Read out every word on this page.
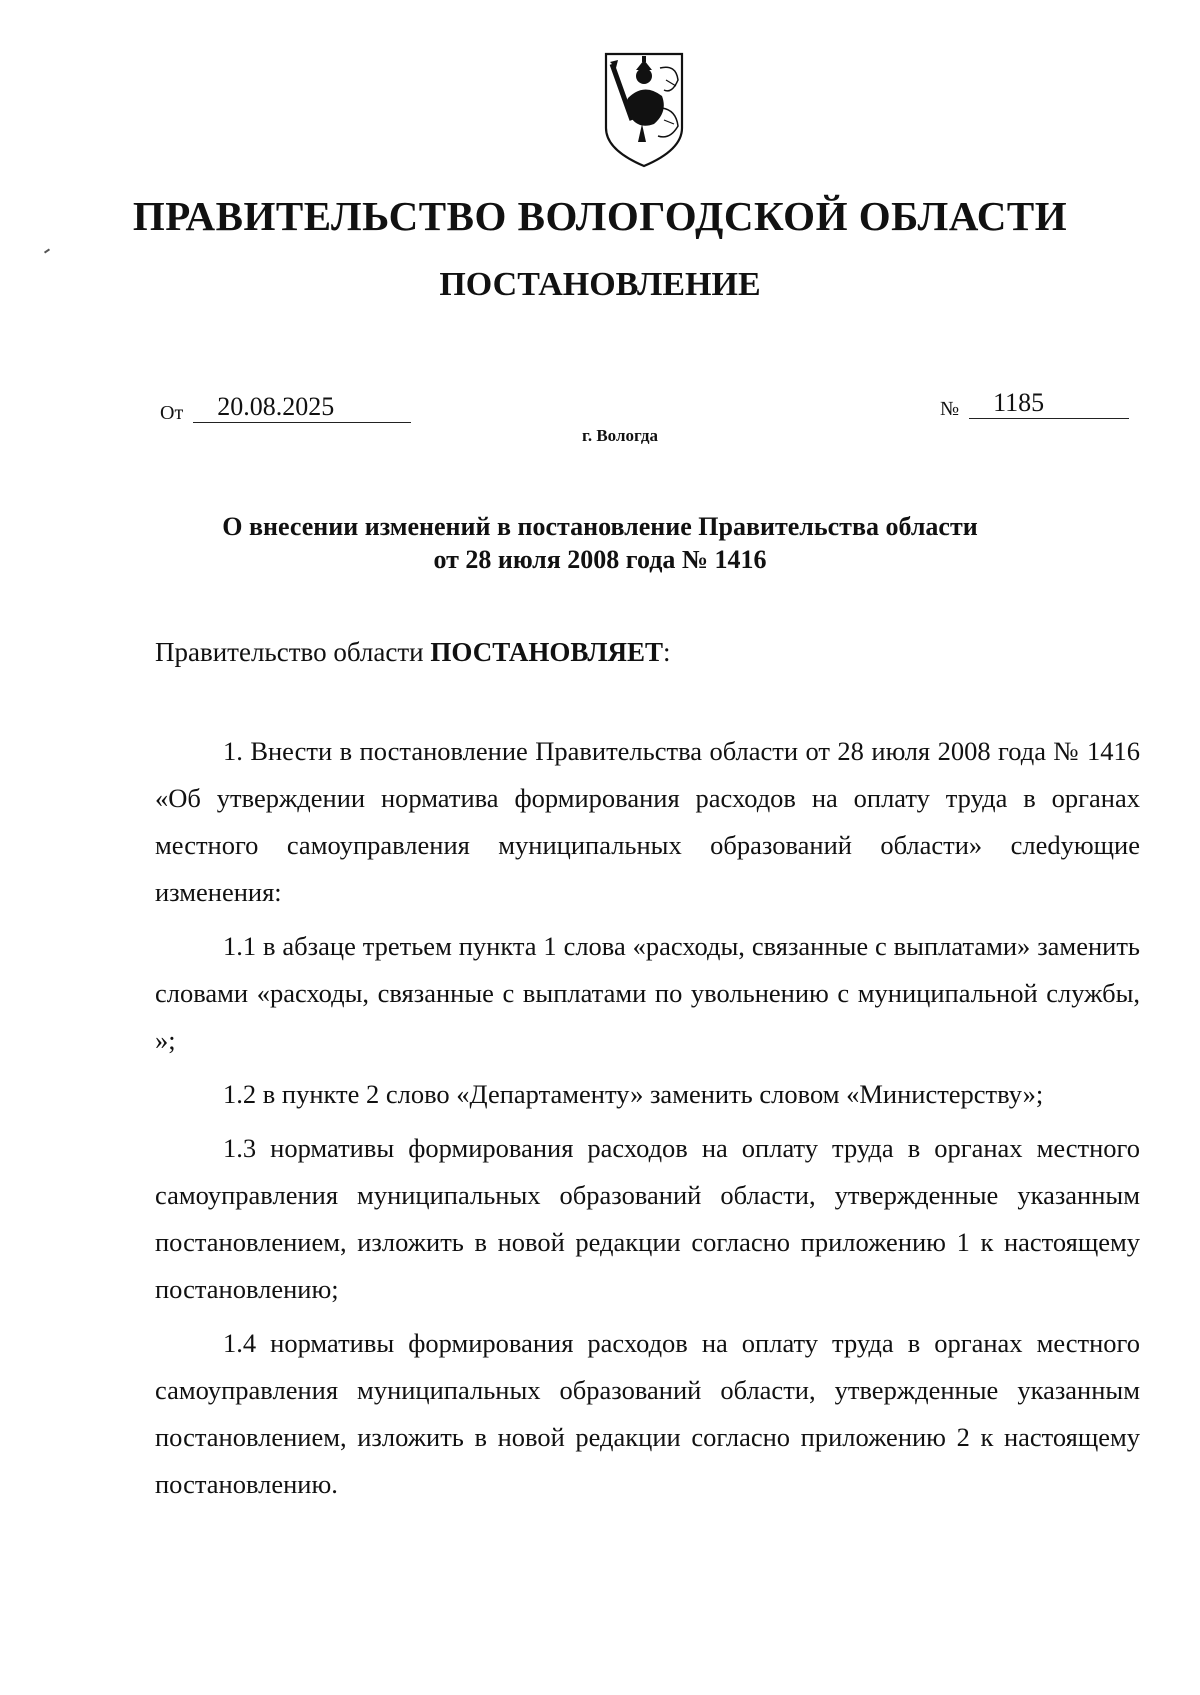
ПРАВИТЕЛЬСТВО ВОЛОГОДСКОЙ ОБЛАСТИ
ПОСТАНОВЛЕНИЕ
От	20.08.2025	№	1185
г. Вологда
О внесении изменений в постановление Правительства области
от 28 июля 2008 года № 1416
Правительство области ПОСТАНОВЛЯЕТ:

1. Внести в постановление Правительства области от 28 июля 2008 года № 1416 «Об утверждении норматива формирования расходов на оплату труда в органах местного самоуправления муниципальных образований области» слеdующие изменения:

1.1 в абзаце третьем пункта 1 слова «расходы, связанные с выплатами» заменить словами «расходы, связанные с выплатами по увольнению с муниципальной службы, »;

1.2 в пункте 2 слово «Департаменту» заменить словом «Министерству»;

1.3 нормативы формирования расходов на оплату труда в органах местного самоуправления муниципальных образований области, утвержденные указанным постановлением, изложить в новой редакции согласно приложению 1 к настоящему постановлению;

1.4 нормативы формирования расходов на оплату труда в органах местного самоуправления муниципальных образований области, утвержденные указанным постановлением, изложить в новой редакции согласно приложению 2 к настоящему постановлению.
